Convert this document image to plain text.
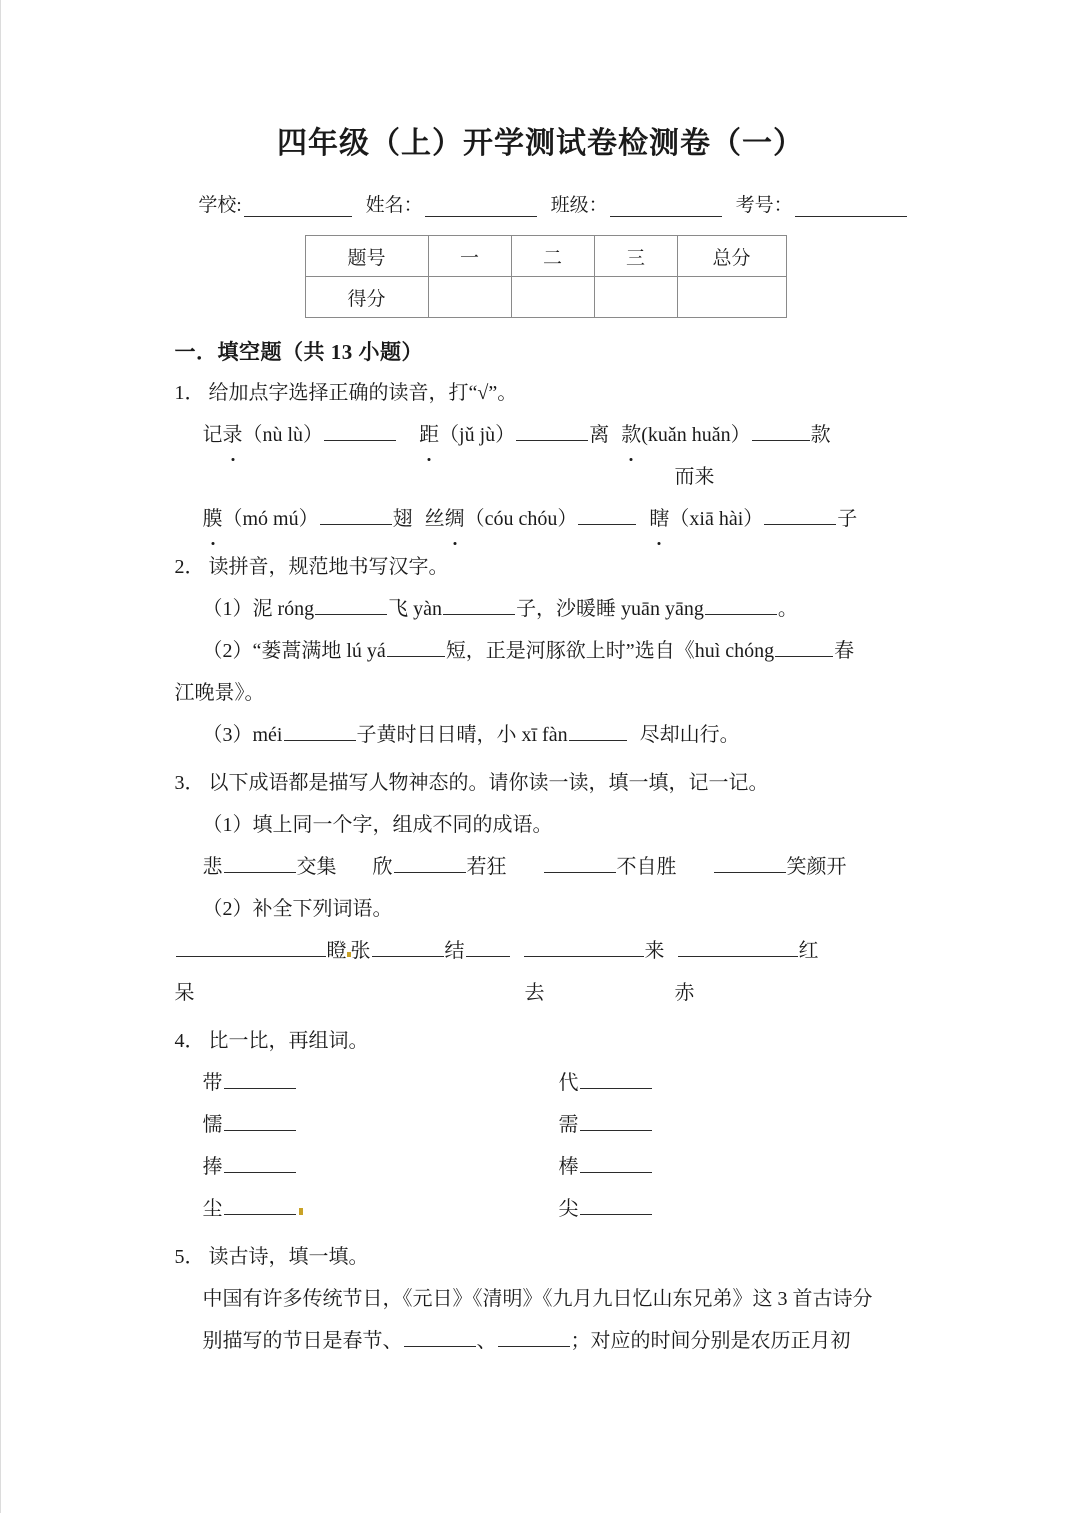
四年级（上）开学测试卷检测卷（一）
学校:	姓名：	班级：	考号：
题号	一	二	三	总分
得分				
一．填空题（共 13 小题）
1． 给加点字选择正确的读音，打“√”。
记录（nù lù）	距（jǔ jù）	离 款(kuǎn huǎn）	款
而来
膜（mó mú）	翅 丝绸（cóu chóu）	瞎（xiā hài）	子
2． 读拼音，规范地书写汉字。
（1）泥 róng	飞 yàn	子，沙暖睡 yuān yāng	。
（2）“蒌蒿满地 lú yá	短，正是河豚欲上时”选自《huì chóng	春
江晚景》。
（3）méi	子黄时日日晴，小 xī fàn	尽却山行。
3． 以下成语都是描写人物神态的。请你读一读，填一填，记一记。
（1）填上同一个字，组成不同的成语。
悲	交集 欣	若狂	不自胜	笑颜开
（2）补全下列词语。
瞪 张	结	来	红
呆	去	赤
4． 比一比，再组词。
带	代
懦	需
捧	棒
尘	尖
5． 读古诗，填一填。
中国有许多传统节日，《元日》《清明》《九月九日忆山东兄弟》这 3 首古诗分
别描写的节日是春节、	、	；对应的时间分别是农历正月初
